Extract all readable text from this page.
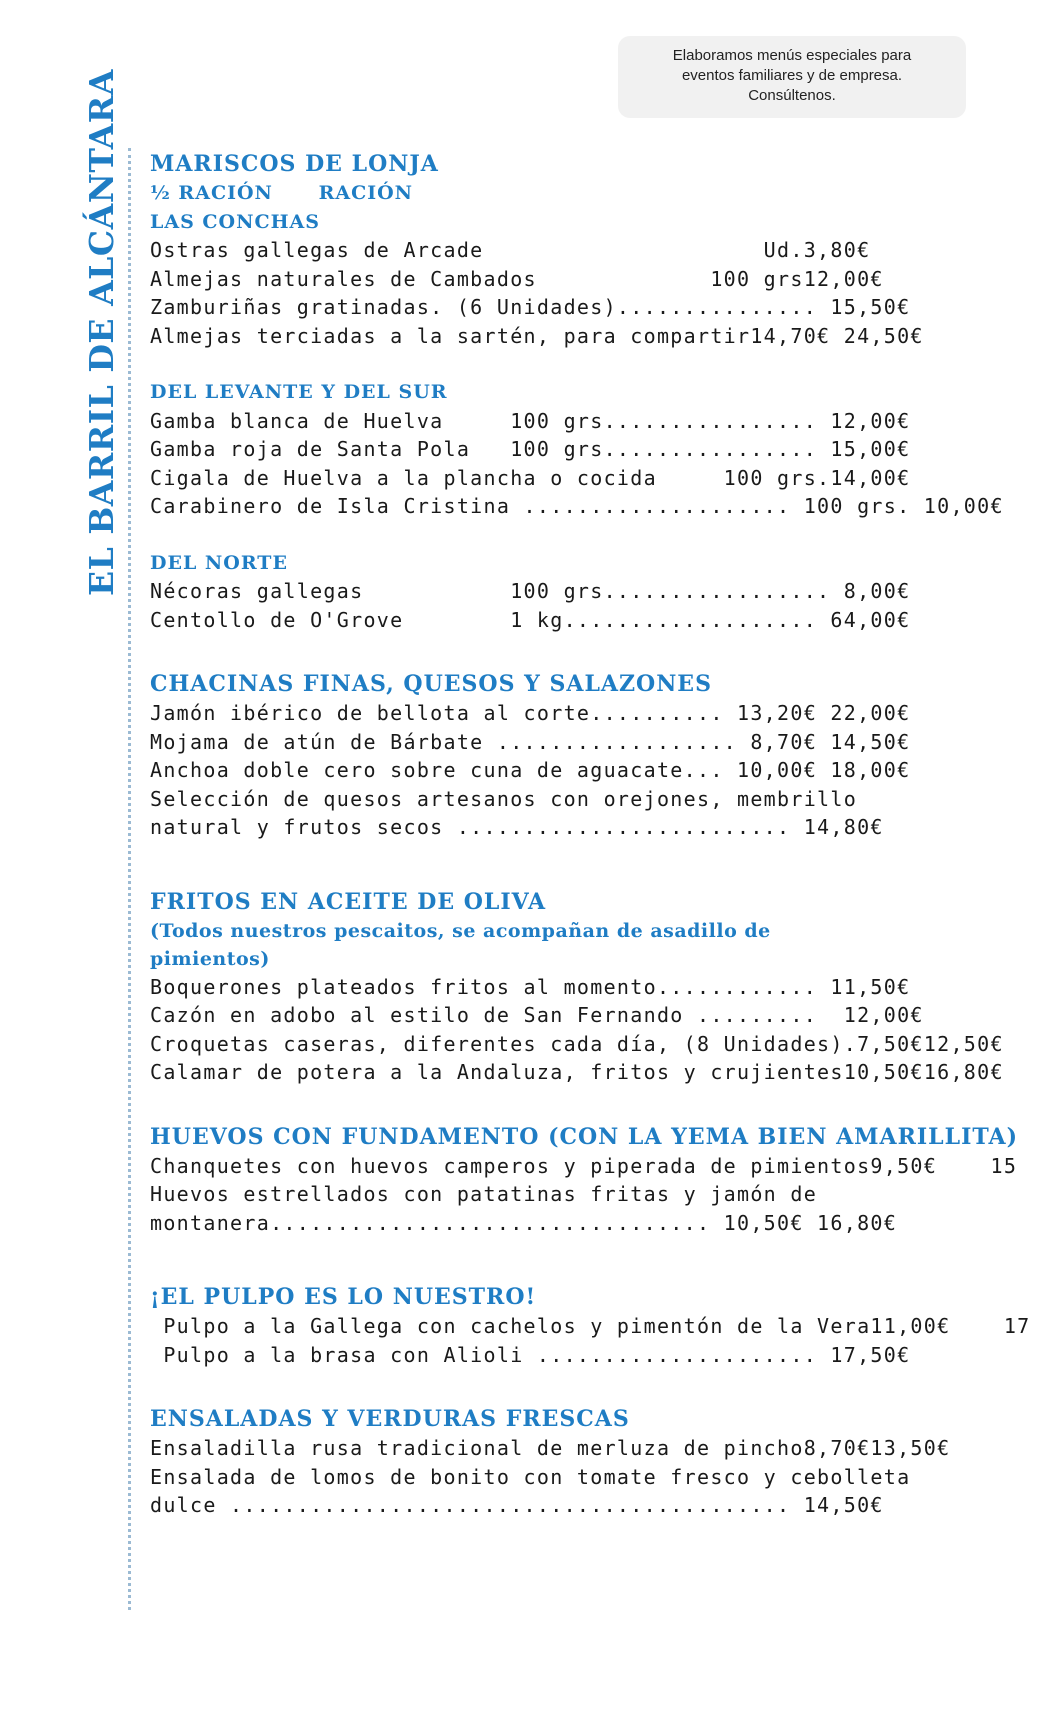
Elaboramos menús especiales para
eventos familiares y de empresa.
Consúltenos.
EL BARRIL DE ALCÁNTARA MARISCOS DE LONJA
½ RACIÓN      RACIÓN
LAS CONCHAS
Ostras gallegas de Arcade                     Ud.3,80€
Almejas naturales de Cambados             100 grs12,00€
Zamburiñas gratinadas. (6 Unidades)............... 15,50€
Almejas terciadas a la sartén, para compartir14,70€ 24,50€
DEL LEVANTE Y DEL SUR
Gamba blanca de Huelva     100 grs................ 12,00€
Gamba roja de Santa Pola   100 grs................ 15,00€
Cigala de Huelva a la plancha o cocida     100 grs.14,00€
Carabinero de Isla Cristina .................... 100 grs. 10,00€
DEL NORTE
Nécoras gallegas           100 grs................. 8,00€
Centollo de O'Grove        1 kg................... 64,00€
CHACINAS FINAS, QUESOS Y SALAZONES
Jamón ibérico de bellota al corte.......... 13,20€ 22,00€
Mojama de atún de Bárbate .................. 8,70€ 14,50€
Anchoa doble cero sobre cuna de aguacate... 10,00€ 18,00€
Selección de quesos artesanos con orejones, membrillo
natural y frutos secos ......................... 14,80€
FRITOS EN ACEITE DE OLIVA
(Todos nuestros pescaitos, se acompañan de asadillo de
pimientos)
Boquerones plateados fritos al momento............ 11,50€
Cazón en adobo al estilo de San Fernando .........  12,00€
Croquetas caseras, diferentes cada día, (8 Unidades).7,50€12,50€
Calamar de potera a la Andaluza, fritos y crujientes10,50€16,80€
HUEVOS CON FUNDAMENTO (CON LA YEMA BIEN AMARILLITA)
Chanquetes con huevos camperos y piperada de pimientos9,50€    15
Huevos estrellados con patatinas fritas y jamón de
montanera................................. 10,50€ 16,80€
¡EL PULPO ES LO NUESTRO!
Pulpo a la Gallega con cachelos y pimentón de la Vera11,00€    17
Pulpo a la brasa con Alioli ..................... 17,50€
ENSALADAS Y VERDURAS FRESCAS
Ensaladilla rusa tradicional de merluza de pincho8,70€13,50€
Ensalada de lomos de bonito con tomate fresco y cebolleta
dulce .......................................... 14,50€
